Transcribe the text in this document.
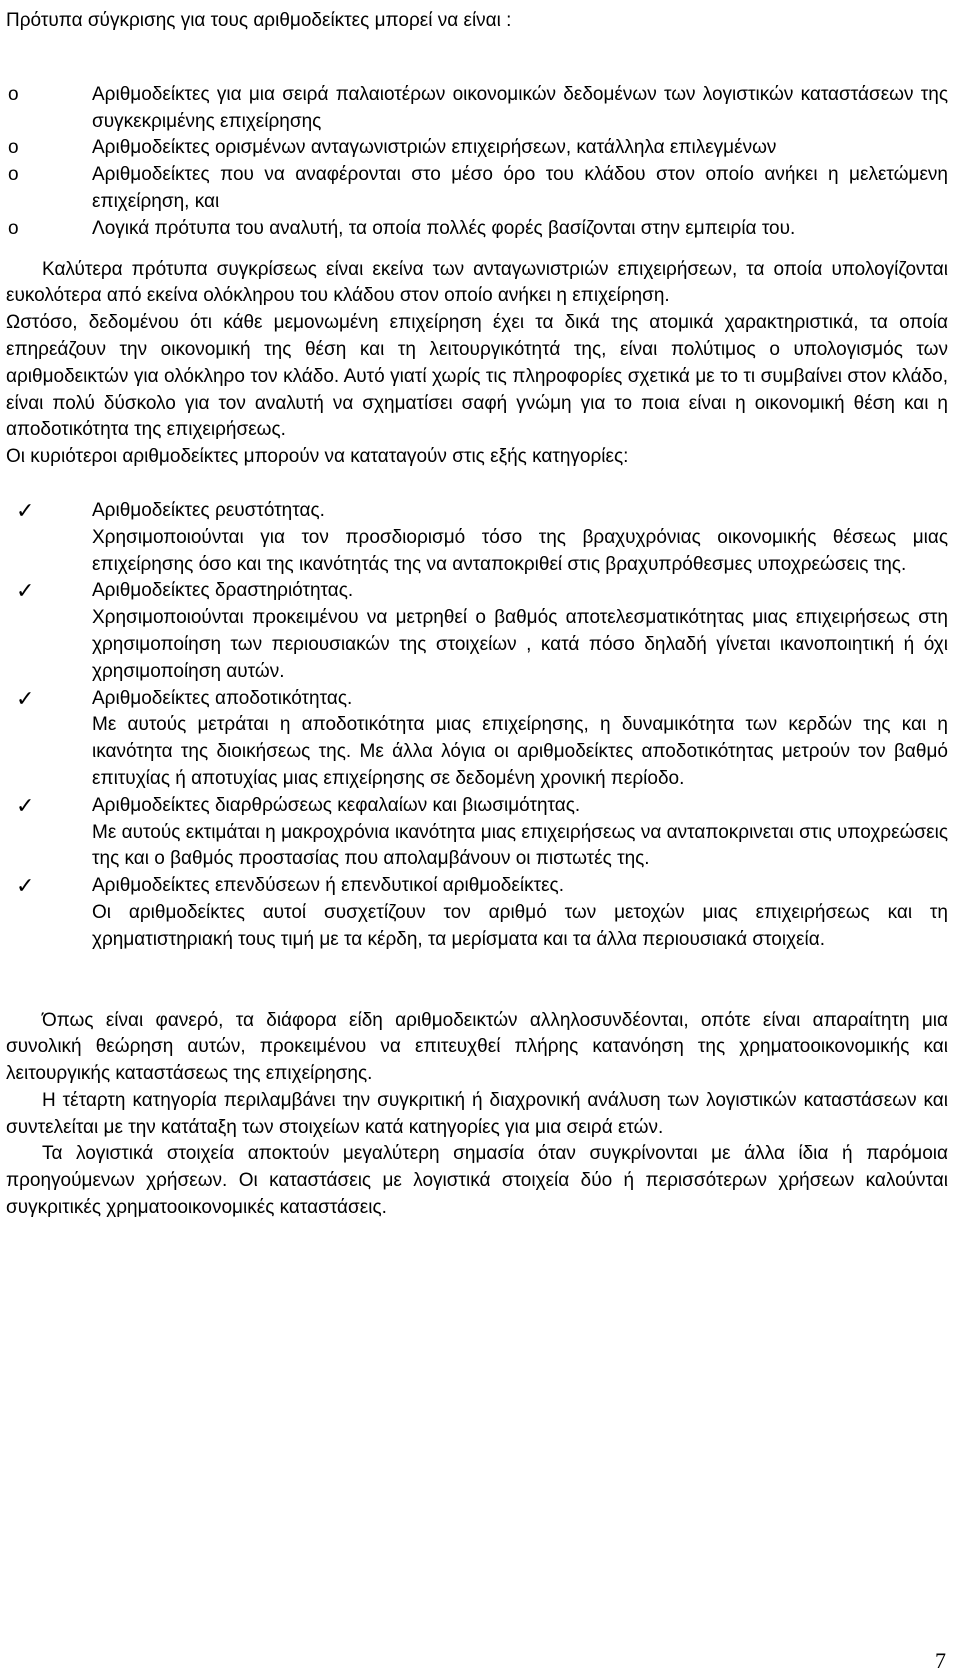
Πρότυπα σύγκρισης για τους αριθμοδείκτες μπορεί να είναι :

o	Αριθμοδείκτες για μια σειρά παλαιοτέρων οικονομικών δεδομένων των λογιστικών καταστάσεων της συγκεκριμένης επιχείρησης
o	Αριθμοδείκτες ορισμένων ανταγωνιστριών επιχειρήσεων, κατάλληλα επιλεγμένων
o	Αριθμοδείκτες που να αναφέρονται στο μέσο όρο του κλάδου στον οποίο ανήκει η μελετώμενη επιχείρηση, και
o	Λογικά πρότυπα του αναλυτή, τα οποία πολλές φορές βασίζονται στην εμπειρία του.

Καλύτερα πρότυπα συγκρίσεως είναι εκείνα των ανταγωνιστριών επιχειρήσεων, τα οποία υπολογίζονται ευκολότερα από εκείνα ολόκληρου του κλάδου στον οποίο ανήκει η επιχείρηση.

Ωστόσο, δεδομένου ότι κάθε μεμονωμένη επιχείρηση έχει τα δικά της ατομικά χαρακτηριστικά, τα οποία επηρεάζουν την οικονομική της θέση και τη λειτουργικότητά της, είναι πολύτιμος ο υπολογισμός των αριθμοδεικτών για ολόκληρο τον κλάδο. Αυτό γιατί χωρίς τις πληροφορίες σχετικά με το τι συμβαίνει στον κλάδο, είναι πολύ δύσκολο για τον αναλυτή να σχηματίσει σαφή γνώμη για το ποια είναι η οικονομική θέση και η αποδοτικότητα της επιχειρήσεως.

Οι κυριότεροι αριθμοδείκτες μπορούν να καταταγούν στις εξής κατηγορίες:

✓	Αριθμοδείκτες ρευστότητας.
Χρησιμοποιούνται για τον προσδιορισμό τόσο της βραχυχρόνιας οικονομικής θέσεως μιας επιχείρησης όσο και της ικανότητάς της να ανταποκριθεί στις βραχυπρόθεσμες υποχρεώσεις της.
✓	Αριθμοδείκτες δραστηριότητας.
Χρησιμοποιούνται προκειμένου να μετρηθεί ο βαθμός αποτελεσματικότητας μιας επιχειρήσεως στη χρησιμοποίηση των περιουσιακών της στοιχείων , κατά πόσο δηλαδή γίνεται ικανοποιητική ή όχι χρησιμοποίηση αυτών.
✓	Αριθμοδείκτες αποδοτικότητας.
Με αυτούς μετράται η αποδοτικότητα μιας επιχείρησης, η δυναμικότητα των κερδών της και η ικανότητα της διοικήσεως της. Με άλλα λόγια οι αριθμοδείκτες αποδοτικότητας μετρούν τον βαθμό επιτυχίας ή αποτυχίας μιας επιχείρησης σε δεδομένη χρονική περίοδο.
✓	Αριθμοδείκτες διαρθρώσεως κεφαλαίων και βιωσιμότητας.
Με αυτούς εκτιμάται η μακροχρόνια ικανότητα μιας επιχειρήσεως να ανταποκρινεται στις υποχρεώσεις της και ο βαθμός προστασίας που απολαμβάνουν οι πιστωτές της.
✓	Αριθμοδείκτες επενδύσεων ή επενδυτικοί αριθμοδείκτες.
Οι αριθμοδείκτες αυτοί συσχετίζουν τον αριθμό των μετοχών μιας επιχειρήσεως και τη χρηματιστηριακή τους τιμή με τα κέρδη, τα μερίσματα και τα άλλα περιουσιακά στοιχεία.

Όπως είναι φανερό, τα διάφορα είδη αριθμοδεικτών αλληλοσυνδέονται, οπότε είναι απαραίτητη μια συνολική θεώρηση αυτών, προκειμένου να επιτευχθεί πλήρης κατανόηση της χρηματοοικονομικής και λειτουργικής καταστάσεως της επιχείρησης.

Η τέταρτη κατηγορία περιλαμβάνει την συγκριτική ή διαχρονική ανάλυση των λογιστικών καταστάσεων και συντελείται με την κατάταξη των στοιχείων κατά κατηγορίες για μια σειρά ετών.

Τα λογιστικά στοιχεία αποκτούν μεγαλύτερη σημασία όταν συγκρίνονται με άλλα ίδια ή παρόμοια προηγούμενων χρήσεων. Οι καταστάσεις με λογιστικά στοιχεία δύο ή περισσότερων χρήσεων καλούνται συγκριτικές χρηματοοικονομικές καταστάσεις.

7
